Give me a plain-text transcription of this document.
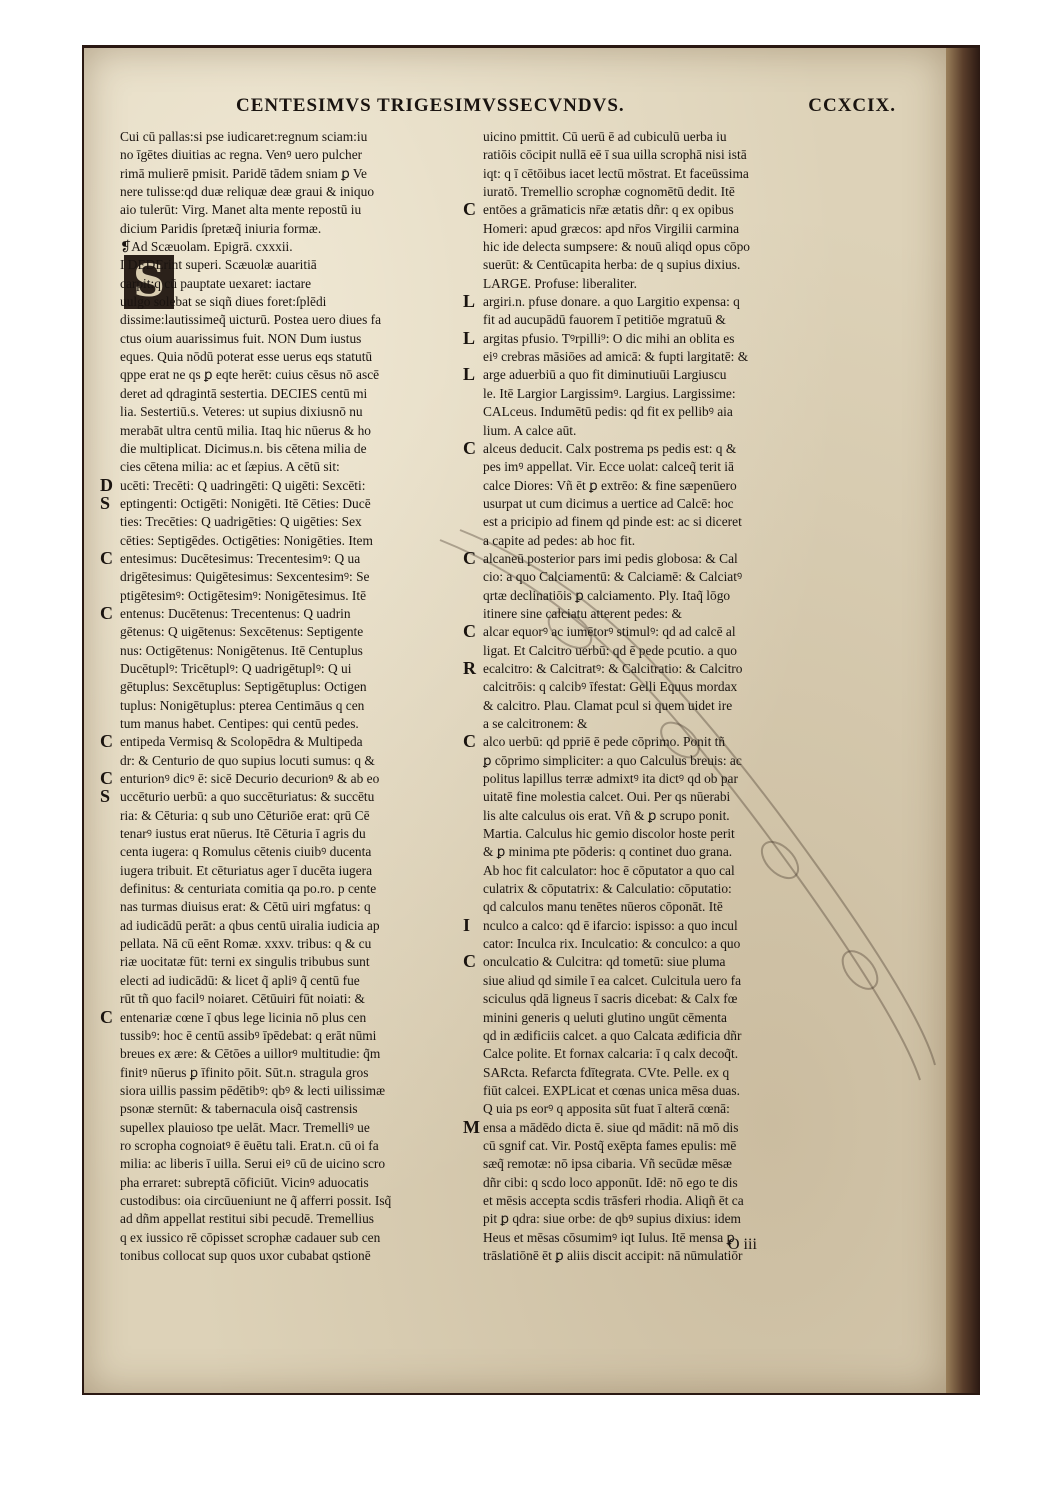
CENTESIMVS TRIGESIMVSSECVNDVS.	CCXCIX.
S
Cui cū pallas:si pse iudicaret:regnum sciam:iu
no īgētes diuitias ac regna. Venꝰ uero pulcher
rimā mulierē pmisit. Paridē tādem sniam ꝑ Ve
nere tulisse:qd duæ reliquæ deæ graui & iniquo
aio tulerūt: Virg. Manet alta mente repostū iu
dicium Paridis ſpretæq̃ iniuria formæ.
❡Ad Scæuolam. Epigrā. cxxxii.
I DEDErint superi. Scæuolæ auaritiā
carpit:q cū pauptate uexaret: iactare
uulgo solebat se siqñ diues foret:ſplēdi
dissime:lautissimeq̃ uicturū. Postea uero diues fa
ctus oium auarissimus fuit. NON Dum iustus
eques. Quia nōdū poterat esse uerus eqs statutū
qppe erat ne qs ꝑ eqte herēt: cuius cēsus nō ascē
deret ad qdragintā sestertia. DECIES centū mi
lia. Sestertiū.s. Veteres: ut supius dixiusnō nu
merabāt ultra centū milia. Itaq hic nūerus & ho
die multiplicat. Dicimus.n. bis cētena milia de
cies cētena milia: ac et ſæpius. A cētū sit:
D ucēti: Trecēti: Q uadringēti: Q uigēti: Sexcēti:
S eptingenti: Octigēti: Nonigēti. Itē Cēties: Ducē
ties: Trecēties: Q uadrigēties: Q uigēties: Sex
cēties: Septigēdes. Octigēties: Nonigēties. Item
C entesimus: Ducētesimus: Trecentesimꝰ: Q ua
drigētesimus: Quigētesimus: Sexcentesimꝰ: Se
ptigētesimꝰ: Octigētesimꝰ: Nonigētesimus. Itē
C entenus: Ducētenus: Trecentenus: Q uadrin
gētenus: Q uigētenus: Sexcētenus: Septigente
nus: Octigētenus: Nonigētenus. Itē Centuplus
Ducētuplꝰ: Tricētuplꝰ: Q uadrigētuplꝰ: Q ui
gētuplus: Sexcētuplus: Septigētuplus: Octigen
tuplus: Nonigētuplus: pterea Centimāus q cen
tum manus habet. Centipes: qui centū pedes.
C entipeda Vermisq & Scolopēdra & Multipeda
dr: & Centurio de quo supius locuti sumus: q &
C enturionꝰ dicꝰ ē: sicē Decurio decurionꝰ & ab eo
S uccēturio uerbū: a quo succēturiatus: & succētu
ria: & Cēturia: q sub uno Cēturiōe erat: qrū Cē
tenarꝰ iustus erat nūerus. Itē Cēturia ī agris du
centa iugera: q Romulus cētenis ciuibꝰ ducenta
iugera tribuit. Et cēturiatus ager ī ducēta iugera
definitus: & centuriata comitia qa po.ro. p cente
nas turmas diuisus erat: & Cētū uiri mgfatus: q
ad iudicādū perāt: a qbus centū uiralia iudicia ap
pellata. Nā cū eēnt Romæ. xxxv. tribus: q & cu
riæ uocitatæ fūt: terni ex singulis tribubus sunt
electi ad iudicādū: & licet q̃ apliꝰ q̃ centū fue
rūt tñ quo facilꝰ noiaret. Cētūuiri fūt noiati: &
C entenariæ cœne ī qbus lege licinia nō plus cen
tussibꝰ: hoc ē centū assibꝰ īpēdebat: q erāt nūmi
breues ex ære: & Cētōes a uillorꝰ multitudie: q̃m
finitꝰ nūerus ꝑ īfinito pōit. Sūt.n. stragula gros
siora uillis passim pēdētibꝰ: qbꝰ & lecti uilissimæ
psonæ sternūt: & tabernacula oisq̃ castrensis
supellex plauioso tpe uelāt. Macr. Tremelliꝰ ue
ro scropha cognoiatꝰ ē ēuētu tali. Erat.n. cū oi fa
milia: ac liberis ī uilla. Serui eiꝰ cū de uicino scro
pha erraret: subreptā cōficiūt. Vicinꝰ aduocatis
custodibus: oia circūueniunt ne q̃ afferri possit. Isq̃
ad dñm appellat restitui sibi pecudē. Tremellius
q ex iussico rē cōpisset scrophæ cadauer sub cen
tonibus collocat sup quos uxor cubabat qstionē
uicino pmittit. Cū uerū ē ad cubiculū uerba iu
ratiōis cōcipit nullā eē ī sua uilla scrophā nisi istā
iqt: q ī cētōibus iacet lectū mōstrat. Et faceūssima
iuratō. Tremellio scrophæ cognomētū dedit. Itē
C entōes a grāmaticis nr̄æ ætatis dñr: q ex opibus
Homeri: apud græcos: apd nr̄os Virgilii carmina
hic ide delecta sumpsere: & nouū aliqd opus cōpo
suerūt: & Centūcapita herba: de q supius dixius.
LARGE. Profuse: liberaliter.
L argiri.n. pfuse donare. a quo Largitio expensa: q
fit ad aucupādū fauorem ī petitiōe mgratuū &
L argitas pfusio. Tꝰrpilli⁹: O dic mihi an oblita es
eiꝰ crebras māsiōes ad amicā: & fupti largitatē: &
L arge aduerbiū a quo fit diminutiuūi Largiuscu
le. Itē Largior Largissimꝰ. Largius. Largissime:
CALceus. Indumētū pedis: qd fit ex pellibꝰ aia
lium. A calce aūt.
C alceus deducit. Calx postrema ps pedis est: q &
pes imꝰ appellat. Vir. Ecce uolat: calceq̃ terit iā
calce Diores: Vñ ēt ꝑ extrēo: & fine sæpenūero
usurpat ut cum dicimus a uertice ad Calcē: hoc
est a pricipio ad finem qd pinde est: ac si diceret
a capite ad pedes: ab hoc fit.
C alcaneū posterior pars imi pedis globosa: & Cal
cio: a quo Calciamentū: & Calciamē: & Calciatꝰ
qrtæ declinatiōis ꝑ calciamento. Ply. Itaq̃ lōgo
itinere sine calciatu atterent pedes: &
C alcar equorꝰ ac iumētorꝰ stimulꝰ: qd ad calcē al
ligat. Et Calcitro uerbū: qd ē pede pcutio. a quo
R ecalcitro: & Calcitratꝰ: & Calcitratio: & Calcitro
calcitrōis: q calcibꝰ īfestat: Gelli Equus mordax
& calcitro. Plau. Clamat pcul si quem uidet ire
a se calcitronem: &
C alco uerbū: qd ppriē ē pede cōprimo. Ponit tñ
ꝑ cōprimo simpliciter: a quo Calculus breuis: ac
politus lapillus terræ admixtꝰ ita dictꝰ qd ob par
uitatē fine molestia calcet. Oui. Per qs nūerabi
lis alte calculus ois erat. Vñ & ꝑ scrupo ponit.
Martia. Calculus hic gemio discolor hoste perit
& ꝑ minima pte pōderis: q continet duo grana.
Ab hoc fit calculator: hoc ē cōputator a quo cal
culatrix & cōputatrix: & Calculatio: cōputatio:
qd calculos manu tenētes nūeros cōponāt. Itē
I nculco a calco: qd ē ifarcio: ispisso: a quo incul
cator: Inculca rix. Inculcatio: & conculco: a quo
C onculcatio & Culcitra: qd tometū: siue pluma
siue aliud qd simile ī ea calcet. Culcitula uero fa
sciculus qdā ligneus ī sacris dicebat: & Calx fœ
minini generis q ueluti glutino ungūt cēmenta
qd in ædificiis calcet. a quo Calcata ædificia dñr
Calce polite. Et fornax calcaria: ī q calx decoq̃t.
SARcta. Refarcta fdītegrata. CVte. Pelle. ex q
fiūt calcei. EXPLicat et cœnas unica mēsa duas.
Q uia ps eorꝰ q apposita sūt fuat ī alterā cœnā:
M ensa a mādēdo dicta ē. siue qd mādit: nā mō dis
cū sgnif cat. Vir. Postq̃ exēpta fames epulis: mē
sæq̃ remotæ: nō ipsa cibaria. Vñ secūdæ mēsæ
dñr cibi: q scdo loco apponūt. Idē: nō ego te dis
et mēsis accepta scdis trāsferi rhodia. Aliqñ ēt ca
pit ꝑ qdra: siue orbe: de qbꝰ supius dixius: idem
Heus et mēsas cōsumimꝰ iqt Iulus. Itē mensa ꝑ
trāslatiōnē ēt ꝑ aliis discit accipit: nā nūmulatiōr
O iii
